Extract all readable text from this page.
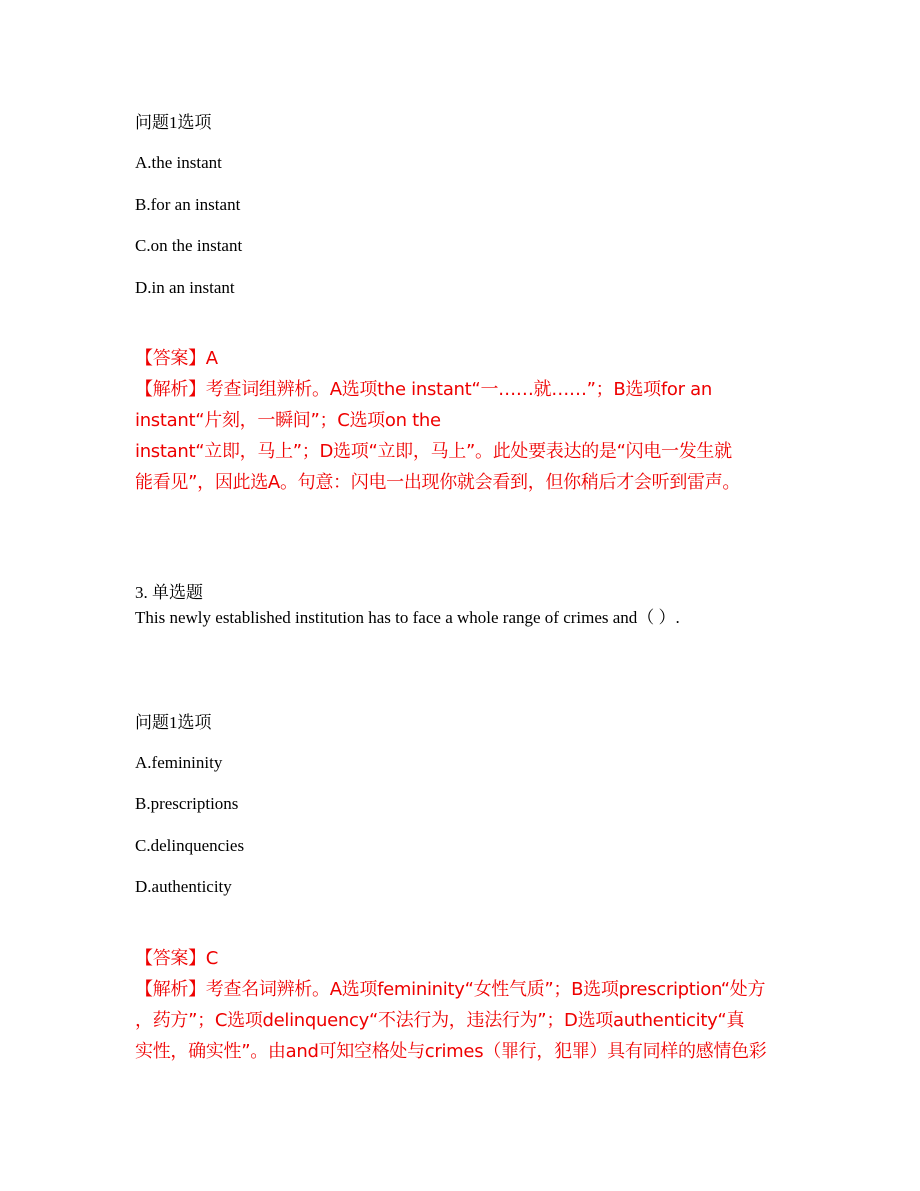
问题1选项
A.the instant
B.for an instant
C.on the instant
D.in an instant
【答案】A
【解析】考查词组辨析。A选项the instant“一……就……”；B选项for an
instant“片刻，一瞬间”；C选项on the
instant“立即，马上”；D选项“立即，马上”。此处要表达的是“闪电一发生就
能看见”，因此选A。句意：闪电一出现你就会看到，但你稍后才会听到雷声。
3. 单选题
This newly established institution has to face a whole range of crimes and（ ）.
问题1选项
A.femininity
B.prescriptions
C.delinquencies
D.authenticity
【答案】C
【解析】考查名词辨析。A选项femininity“女性气质”；B选项prescription“处方
，药方”；C选项delinquency“不法行为，违法行为”；D选项authenticity“真
实性，确实性”。由and可知空格处与crimes（罪行，犯罪）具有同样的感情色彩
